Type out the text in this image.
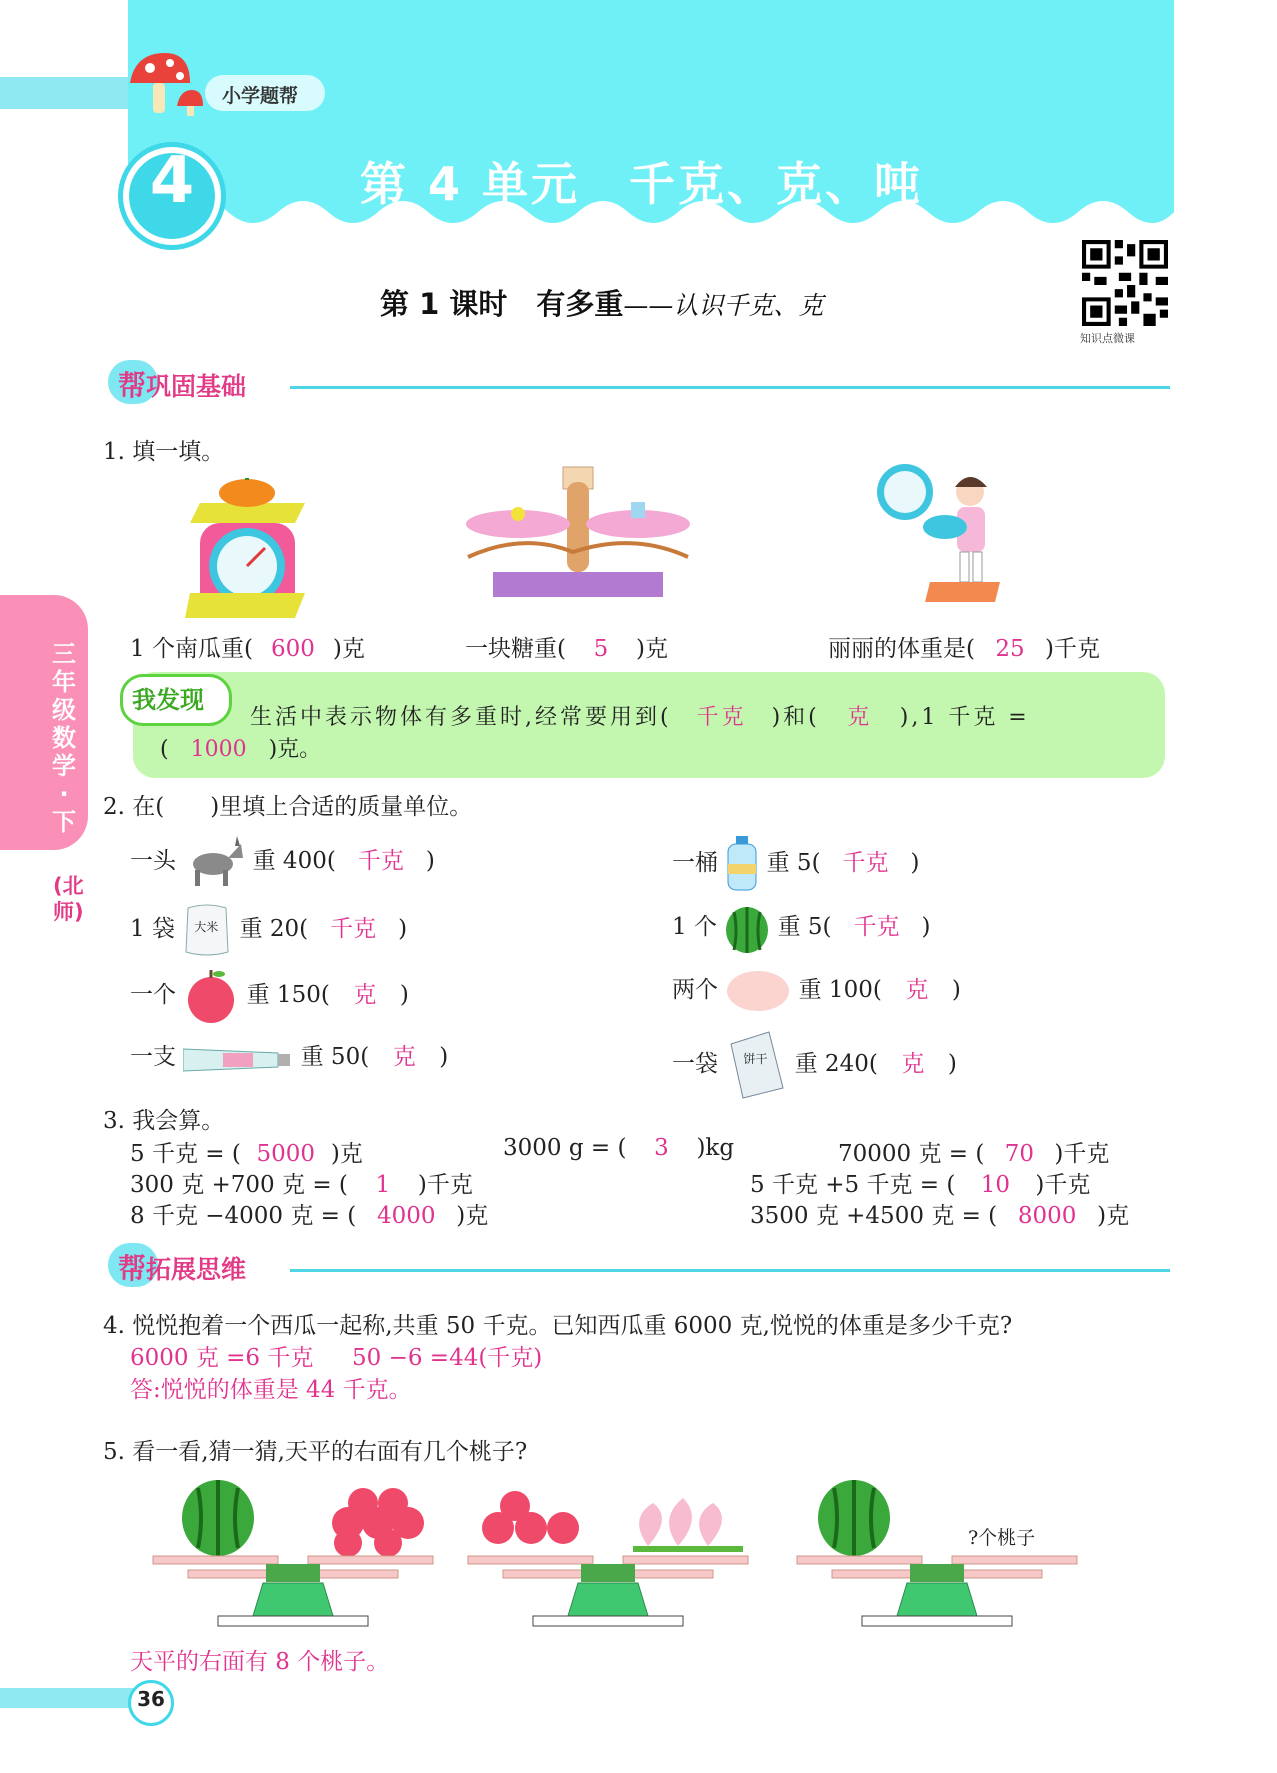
小学题帮
4	第 4 单元　千克、克、吨
第 1 课时　有多重——认识千克、克
知识点微课
三年级数学·下
(北师)
帮巩固基础
1. 填一填。
1 个南瓜重( 600 )克	一块糖重( 5 )克	丽丽的体重是( 25 )千克
我发现
生活中表示物体有多重时,经常要用到( 千克 )和( 克 ),1 千克 =
( 1000 )克。
2. 在(　　)里填上合适的质量单位。
一头	重 400( 千克 )	一桶 重 5( 千克 )
1 袋 大米 重 20( 千克 )	1 个	重 5( 千克 )
一个	重 150( 克 )	两个	重 100( 克 )
一支	重 50( 克 )	一袋 饼干 重 240( 克 )
3. 我会算。
5 千克 = ( 5000 )克	3000 g = ( 3 )kg	70000 克 = ( 70 )千克
300 克 +700 克 = ( 1 )千克	5 千克 +5 千克 = ( 10 )千克
8 千克 −4000 克 = ( 4000 )克	3500 克 +4500 克 = ( 8000 )克
帮拓展思维
4. 悦悦抱着一个西瓜一起称,共重 50 千克。已知西瓜重 6000 克,悦悦的体重是多少千克?
6000 克 =6 千克 50 −6 =44(千克)
答:悦悦的体重是 44 千克。
5. 看一看,猜一猜,天平的右面有几个桃子?
?个桃子
天平的右面有 8 个桃子。
36
